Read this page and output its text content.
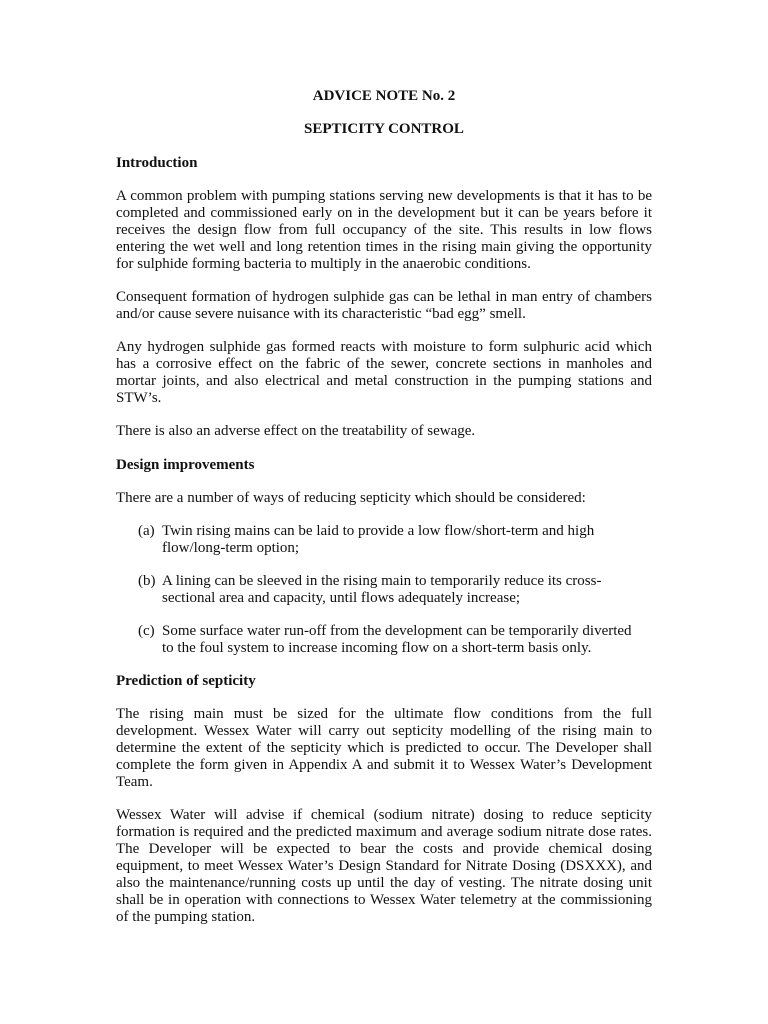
ADVICE NOTE No. 2

SEPTICITY CONTROL

Introduction

A common problem with pumping stations serving new developments is that it has to be completed and commissioned early on in the development but it can be years before it receives the design flow from full occupancy of the site. This results in low flows entering the wet well and long retention times in the rising main giving the opportunity for sulphide forming bacteria to multiply in the anaerobic conditions.

Consequent formation of hydrogen sulphide gas can be lethal in man entry of chambers and/or cause severe nuisance with its characteristic “bad egg” smell.

Any hydrogen sulphide gas formed reacts with moisture to form sulphuric acid which has a corrosive effect on the fabric of the sewer, concrete sections in manholes and mortar joints, and also electrical and metal construction in the pumping stations and STW’s.

There is also an adverse effect on the treatability of sewage.

Design improvements

There are a number of ways of reducing septicity which should be considered:

(a) Twin rising mains can be laid to provide a low flow/short-term and high flow/long-term option;
(b) A lining can be sleeved in the rising main to temporarily reduce its cross-sectional area and capacity, until flows adequately increase;
(c) Some surface water run-off from the development can be temporarily diverted to the foul system to increase incoming flow on a short-term basis only.

Prediction of septicity

The rising main must be sized for the ultimate flow conditions from the full development. Wessex Water will carry out septicity modelling of the rising main to determine the extent of the septicity which is predicted to occur. The Developer shall complete the form given in Appendix A and submit it to Wessex Water’s Development Team.

Wessex Water will advise if chemical (sodium nitrate) dosing to reduce septicity formation is required and the predicted maximum and average sodium nitrate dose rates. The Developer will be expected to bear the costs and provide chemical dosing equipment, to meet Wessex Water’s Design Standard for Nitrate Dosing (DSXXX), and also the maintenance/running costs up until the day of vesting. The nitrate dosing unit shall be in operation with connections to Wessex Water telemetry at the commissioning of the pumping station.
